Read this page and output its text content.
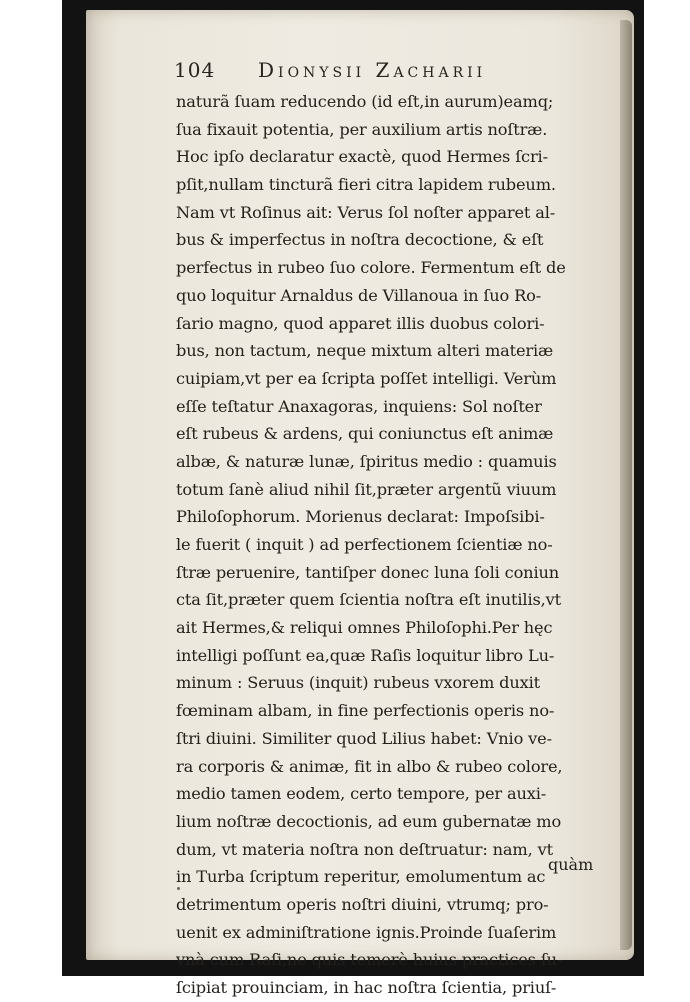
104 Dionysii Zacharii
naturã ſuam reducendo (id eſt,in aurum)eamq;
ſua fixauit potentia, per auxilium artis noſtræ.
Hoc ipſo declaratur exactè, quod Hermes ſcri-
pſit,nullam tincturã fieri citra lapidem rubeum.
Nam vt Roſinus ait: Verus ſol noſter apparet al-
bus & imperfectus in noſtra decoctione, & eſt
perfectus in rubeo ſuo colore. Fermentum eſt de
quo loquitur Arnaldus de Villanoua in ſuo Ro-
ſario magno, quod apparet illis duobus colori-
bus, non tactum, neque mixtum alteri materiæ
cuipiam,vt per ea ſcripta poſſet intelligi. Verùm
eſſe teſtatur Anaxagoras, inquiens: Sol noſter
eſt rubeus & ardens, qui coniunctus eſt animæ
albæ, & naturæ lunæ, ſpiritus medio : quamuis
totum ſanè aliud nihil ſit,præter argentũ viuum
Philoſophorum. Morienus declarat: Impoſsibi-
le fuerit ( inquit ) ad perfectionem ſcientiæ no-
ſtræ peruenire, tantiſper donec luna ſoli coniun
cta ſit,præter quem ſcientia noſtra eſt inutilis,vt
ait Hermes,& reliqui omnes Philoſophi.Per hęc
intelligi poſſunt ea,quæ Raſis loquitur libro Lu-
minum : Seruus (inquit) rubeus vxorem duxit
fœminam albam, in fine perfectionis operis no-
ſtri diuini. Similiter quod Lilius habet: Vnio ve-
ra corporis & animæ, fit in albo & rubeo colore,
medio tamen eodem, certo tempore, per auxi-
lium noſtræ decoctionis, ad eum gubernatæ mo
dum, vt materia noſtra non deſtruatur: nam, vt
in Turba ſcriptum reperitur, emolumentum ac
detrimentum operis noſtri diuini, vtrumq; pro-
uenit ex adminiſtratione ignis.Proinde ſuaſerim
vnà cum Raſi,ne quis temerè huius practices ſu-
ſcipiat prouinciam, in hac noſtra ſcientia, priuſ-
quàm
